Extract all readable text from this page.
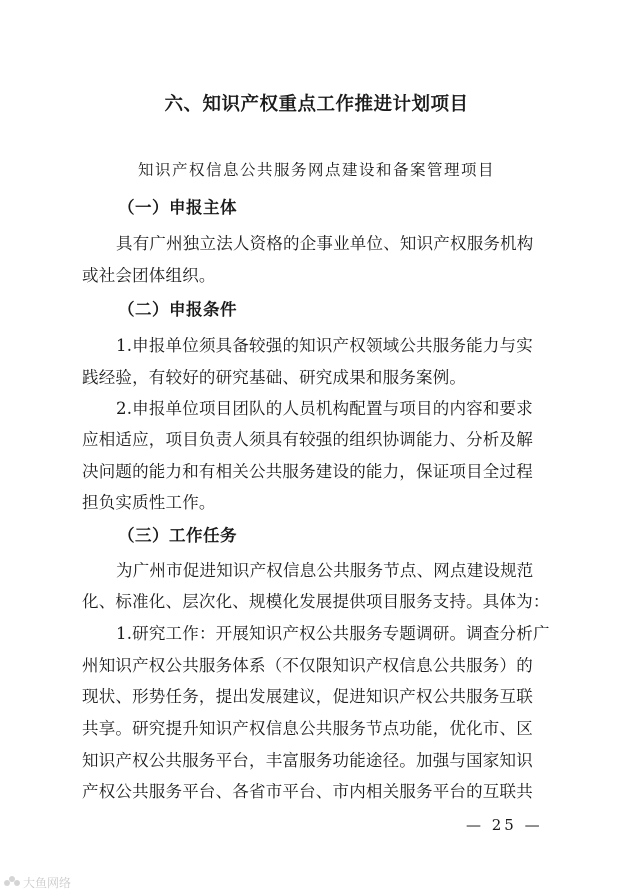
六、知识产权重点工作推进计划项目
知识产权信息公共服务网点建设和备案管理项目
（一）申报主体
具有广州独立法人资格的企事业单位、知识产权服务机构
或社会团体组织。
（二）申报条件
1.申报单位须具备较强的知识产权领域公共服务能力与实
践经验，有较好的研究基础、研究成果和服务案例。
2.申报单位项目团队的人员机构配置与项目的内容和要求
应相适应，项目负责人须具有较强的组织协调能力、分析及解
决问题的能力和有相关公共服务建设的能力，保证项目全过程
担负实质性工作。
（三）工作任务
为广州市促进知识产权信息公共服务节点、网点建设规范
化、标准化、层次化、规模化发展提供项目服务支持。具体为：
1.研究工作：开展知识产权公共服务专题调研。调查分析广
州知识产权公共服务体系（不仅限知识产权信息公共服务）的
现状、形势任务，提出发展建议，促进知识产权公共服务互联
共享。研究提升知识产权信息公共服务节点功能，优化市、区
知识产权公共服务平台，丰富服务功能途径。加强与国家知识
产权公共服务平台、各省市平台、市内相关服务平台的互联共
— 25 —
大鱼网络
